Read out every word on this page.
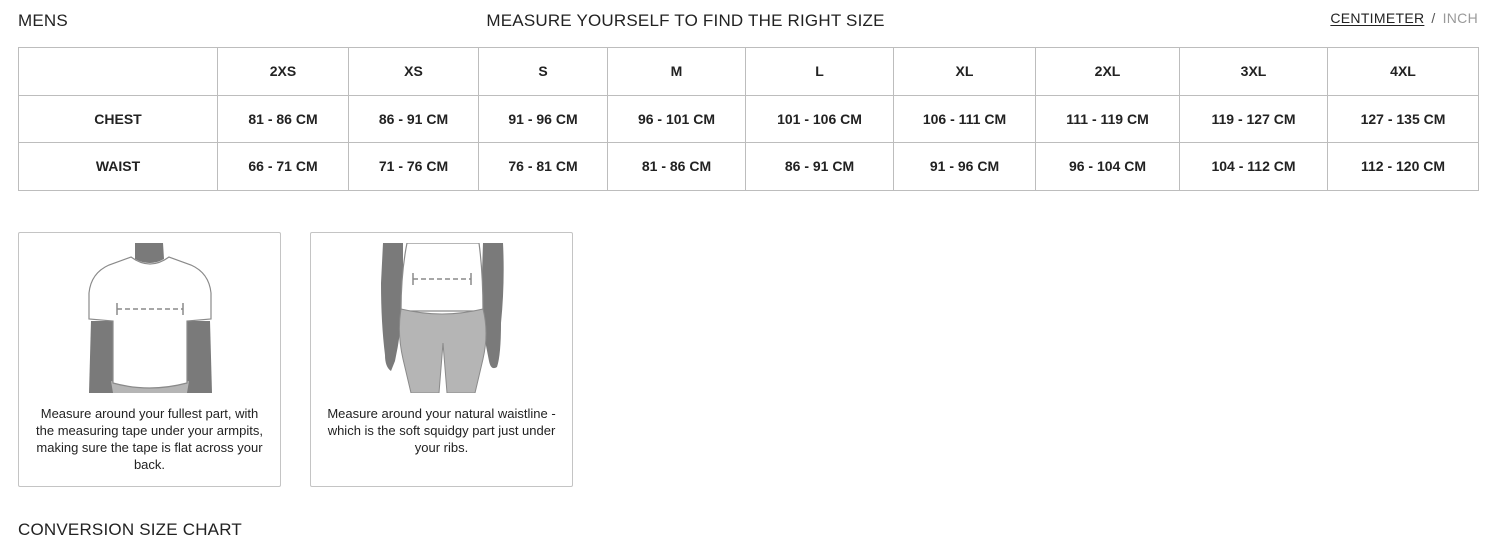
MENS	MEASURE YOURSELF TO FIND THE RIGHT SIZE	CENTIMETER / INCH
	2XS	XS	S	M	L	XL	2XL	3XL	4XL
CHEST	81 - 86 CM	86 - 91 CM	91 - 96 CM	96 - 101 CM	101 - 106 CM	106 - 111 CM	111 - 119 CM	119 - 127 CM	127 - 135 CM
WAIST	66 - 71 CM	71 - 76 CM	76 - 81 CM	81 - 86 CM	86 - 91 CM	91 - 96 CM	96 - 104 CM	104 - 112 CM	112 - 120 CM
Measure around your fullest part, with the measuring tape under your armpits, making sure the tape is flat across your back.
Measure around your natural waistline - which is the soft squidgy part just under your ribs.
CONVERSION SIZE CHART
